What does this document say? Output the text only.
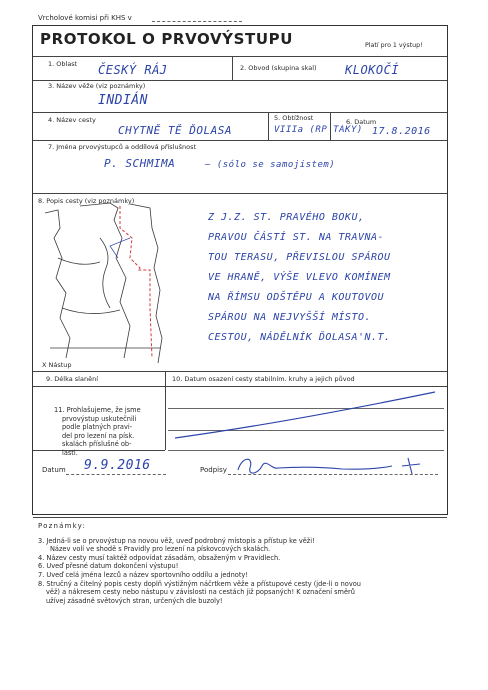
Vrcholové komisi při KHS v
PROTOKOL O PRVOVÝSTUPU	Platí pro 1 výstup!
1. Oblast ČESKÝ RÁJ	2. Obvod (skupina skal) KLOKOČÍ
3. Název věže (viz poznámky)
INDIÁN
4. Název cesty
CHYTNĚ TĚ ĎOLASA
5. Obtížnost
VIIIa (RP TAKY)
6. Datum
17.8.2016
7. Jména prvovýstupců a oddílová příslušnost
P. SCHMIMA	– (sólo se samojistem)
8. Popis cesty (viz poznámky)
X Nástup
Z J.Z. ST. PRAVÉHO BOKU,
PRAVOU ČÁSTÍ ST. NA TRAVNA-
TOU TERASU, PŘEVISLOU SPÁROU
VE HRANĚ, VÝŠE VLEVO KOMÍNEM
NA ŘÍMSU ODŠTĚPU A KOUTOVOU
SPÁROU NA NEJVYŠŠÍ MÍSTO.
CESTOU, NÁDĚLNÍK ĎOLASA'N.T.
9. Délka slanění	10. Datum osazení cesty stabilním. kruhy a jejich původ
11. Prohlašujeme, že jsme
prvovýstup uskutečnili
podle platných pravi-
del pro lezení na písk.
skalách příslušné ob-
lasti.
Datum 9.9.2016	Podpisy
Poznámky:
3. Jedná-li se o prvovýstup na novou věž, uveď podrobný místopis a přístup ke věži!
Název volí ve shodě s Pravidly pro lezení na pískovcových skalách.
4. Název cesty musí taktéž odpovídat zásadám, obsaženým v Pravidlech.
6. Uveď přesné datum dokončení výstupu!
7. Uveď celá jména lezců a název sportovního oddílu a jednoty!
8. Stručný a čitelný popis cesty doplň výstižným náčrtkem věže a přístupové cesty (jde-li o novou
věž) a nákresem cesty nebo nástupu v závislosti na cestách již popsaných! K označení směrů
užívej zásadně světových stran, určených dle buzoly!
